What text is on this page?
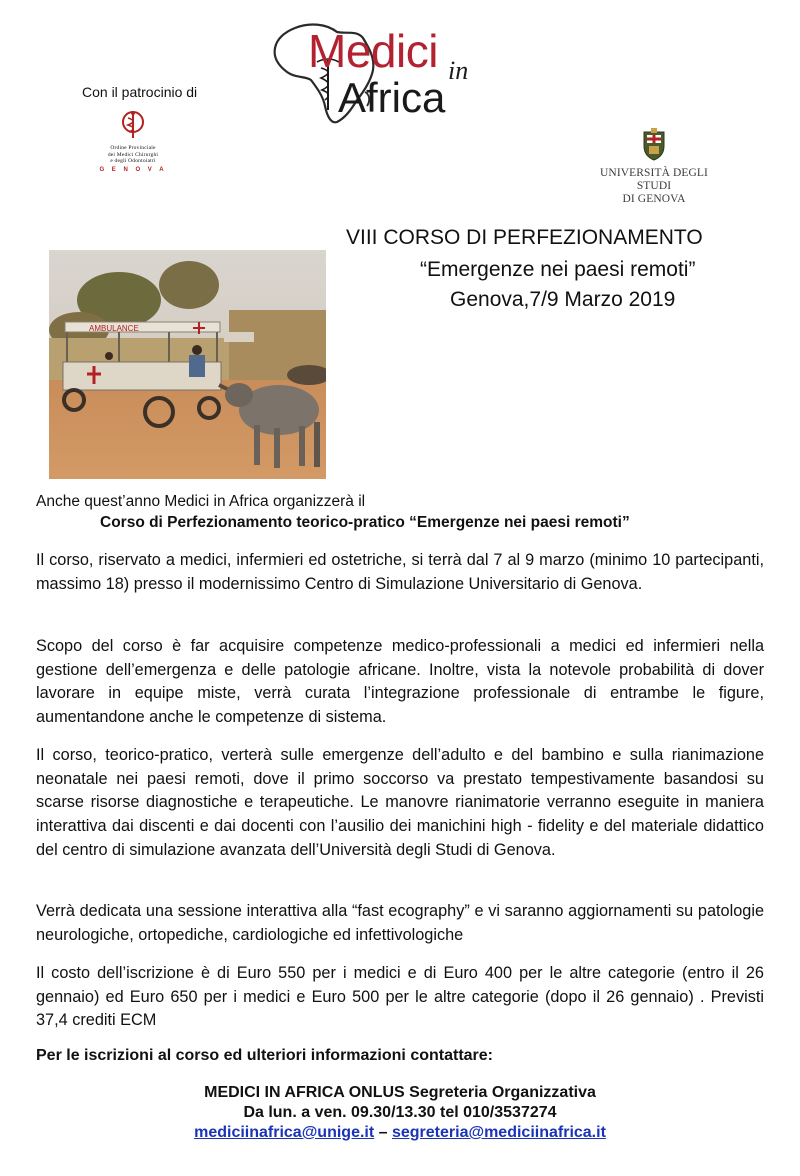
Con il patrocinio di
Ordine Provinciale
dei Medici Chirurghi
e degli Odontoiatri
G E N O V A
Medici in
Africa
UNIVERSITÀ DEGLI STUDI
DI GENOVA
VIII CORSO DI PERFEZIONAMENTO
“Emergenze nei paesi remoti”
Genova,7/9 Marzo 2019
AMBULANCE
Anche quest’anno Medici in Africa organizzerà il
Corso di Perfezionamento teorico-pratico “Emergenze nei paesi remoti”

Il corso, riservato a medici, infermieri ed ostetriche, si terrà dal 7 al 9 marzo (minimo 10 partecipanti, massimo 18) presso il modernissimo Centro di Simulazione Universitario di Genova.

Scopo del corso è far acquisire competenze medico-professionali a medici ed infermieri nella gestione dell’emergenza e delle patologie africane. Inoltre, vista la notevole probabilità di dover lavorare in equipe miste, verrà curata l’integrazione professionale di entrambe le figure, aumentandone anche le competenze di sistema.

Il corso, teorico-pratico, verterà sulle emergenze dell’adulto e del bambino e sulla rianimazione neonatale nei paesi remoti, dove il primo soccorso va prestato tempestivamente basandosi su scarse risorse diagnostiche e terapeutiche. Le manovre rianimatorie verranno eseguite in maniera interattiva dai discenti e dai docenti con l’ausilio dei manichini high - fidelity e del materiale didattico del centro di simulazione avanzata dell’Università degli Studi di Genova.

Verrà dedicata una sessione interattiva alla “fast ecography” e vi saranno aggiornamenti su patologie neurologiche, ortopediche, cardiologiche ed infettivologiche

Il costo dell’iscrizione è di Euro 550 per i medici e di Euro 400 per le altre categorie (entro il 26 gennaio) ed Euro 650 per i medici e Euro 500 per le altre categorie (dopo il 26 gennaio) . Previsti 37,4 crediti ECM

Per le iscrizioni al corso ed ulteriori informazioni contattare:
MEDICI IN AFRICA ONLUS Segreteria Organizzativa
Da lun. a ven. 09.30/13.30 tel 010/3537274
mediciinafrica@unige.it – segreteria@mediciinafrica.it
